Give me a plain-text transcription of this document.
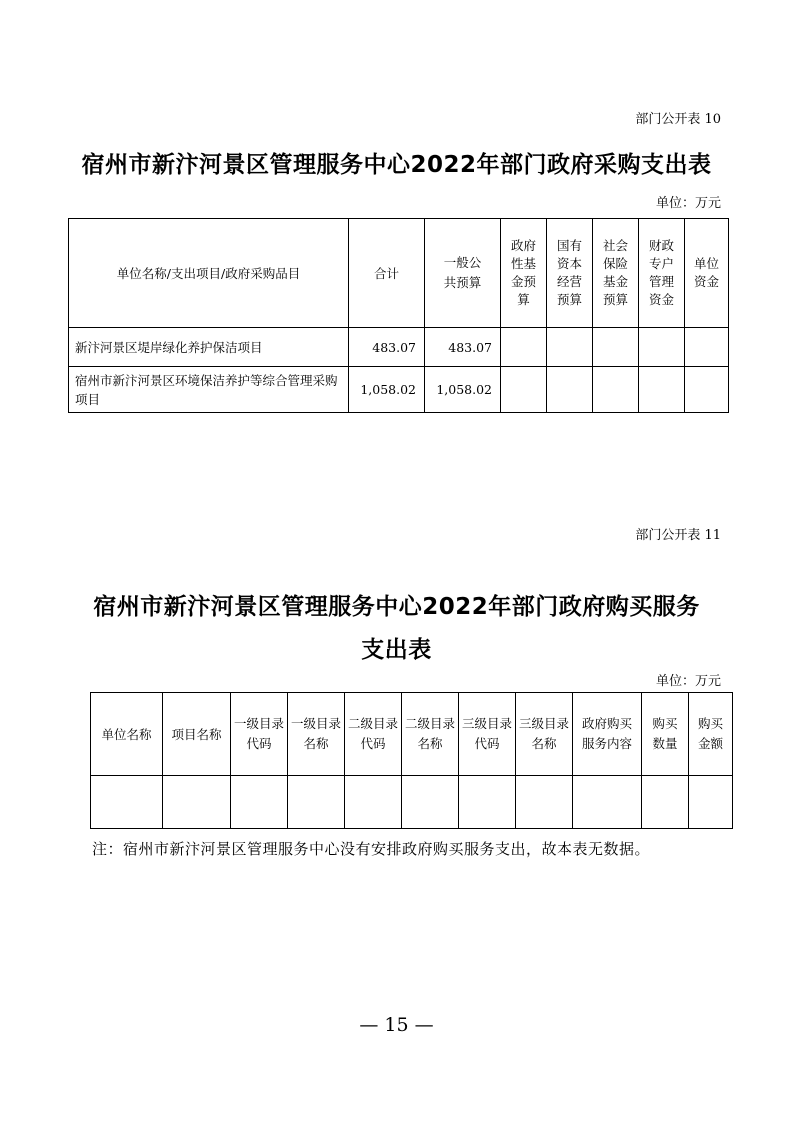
部门公开表 10
宿州市新汴河景区管理服务中心2022年部门政府采购支出表
单位：万元
单位名称/支出项目/政府采购品目	合计	一般公共预算	政府性基金预算	国有资本经营预算	社会保险基金预算	财政专户管理资金	单位资金
新汴河景区堤岸绿化养护保洁项目	483.07	483.07					
宿州市新汴河景区环境保洁养护等综合管理采购项目	1,058.02	1,058.02					
部门公开表 11
宿州市新汴河景区管理服务中心2022年部门政府购买服务
支出表
单位：万元
单位名称	项目名称	一级目录代码	一级目录名称	二级目录代码	二级目录名称	三级目录代码	三级目录名称	政府购买服务内容	购买数量	购买金额

注：宿州市新汴河景区管理服务中心没有安排政府购买服务支出，故本表无数据。
— 15 —
